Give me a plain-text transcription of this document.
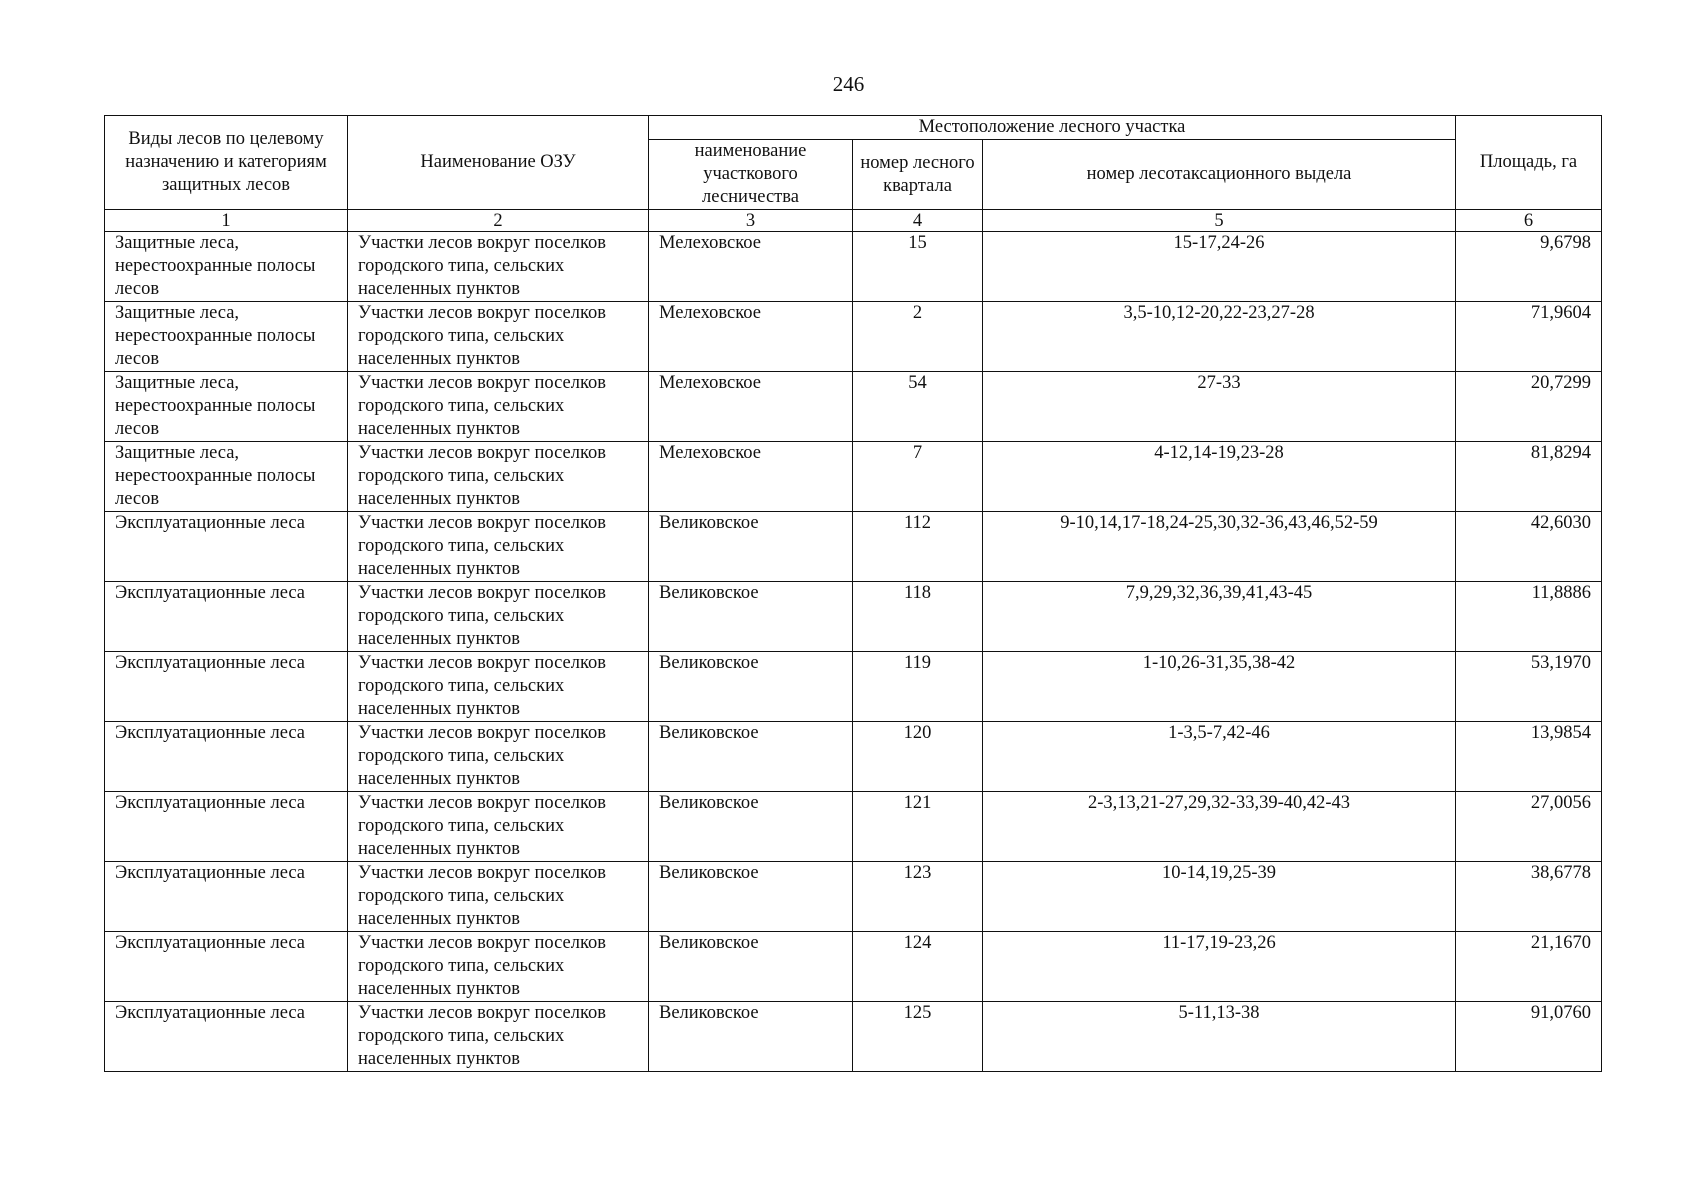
246
Виды лесов по целевому назначению и категориям защитных лесов	Наименование ОЗУ	Местоположение лесного участка			Площадь, га
		наименование участкового лесничества	номер лесного квартала	номер лесотаксационного выдела	
1	2	3	4	5	6
Защитные леса, нерестоохранные полосы лесов	Участки лесов вокруг поселков городского типа, сельских населенных пунктов	Мелеховское	15	15-17,24-26	9,6798
Защитные леса, нерестоохранные полосы лесов	Участки лесов вокруг поселков городского типа, сельских населенных пунктов	Мелеховское	2	3,5-10,12-20,22-23,27-28	71,9604
Защитные леса, нерестоохранные полосы лесов	Участки лесов вокруг поселков городского типа, сельских населенных пунктов	Мелеховское	54	27-33	20,7299
Защитные леса, нерестоохранные полосы лесов	Участки лесов вокруг поселков городского типа, сельских населенных пунктов	Мелеховское	7	4-12,14-19,23-28	81,8294
Эксплуатационные леса	Участки лесов вокруг поселков городского типа, сельских населенных пунктов	Великовское	112	9-10,14,17-18,24-25,30,32-36,43,46,52-59	42,6030
Эксплуатационные леса	Участки лесов вокруг поселков городского типа, сельских населенных пунктов	Великовское	118	7,9,29,32,36,39,41,43-45	11,8886
Эксплуатационные леса	Участки лесов вокруг поселков городского типа, сельских населенных пунктов	Великовское	119	1-10,26-31,35,38-42	53,1970
Эксплуатационные леса	Участки лесов вокруг поселков городского типа, сельских населенных пунктов	Великовское	120	1-3,5-7,42-46	13,9854
Эксплуатационные леса	Участки лесов вокруг поселков городского типа, сельских населенных пунктов	Великовское	121	2-3,13,21-27,29,32-33,39-40,42-43	27,0056
Эксплуатационные леса	Участки лесов вокруг поселков городского типа, сельских населенных пунктов	Великовское	123	10-14,19,25-39	38,6778
Эксплуатационные леса	Участки лесов вокруг поселков городского типа, сельских населенных пунктов	Великовское	124	11-17,19-23,26	21,1670
Эксплуатационные леса	Участки лесов вокруг поселков городского типа, сельских населенных пунктов	Великовское	125	5-11,13-38	91,0760
